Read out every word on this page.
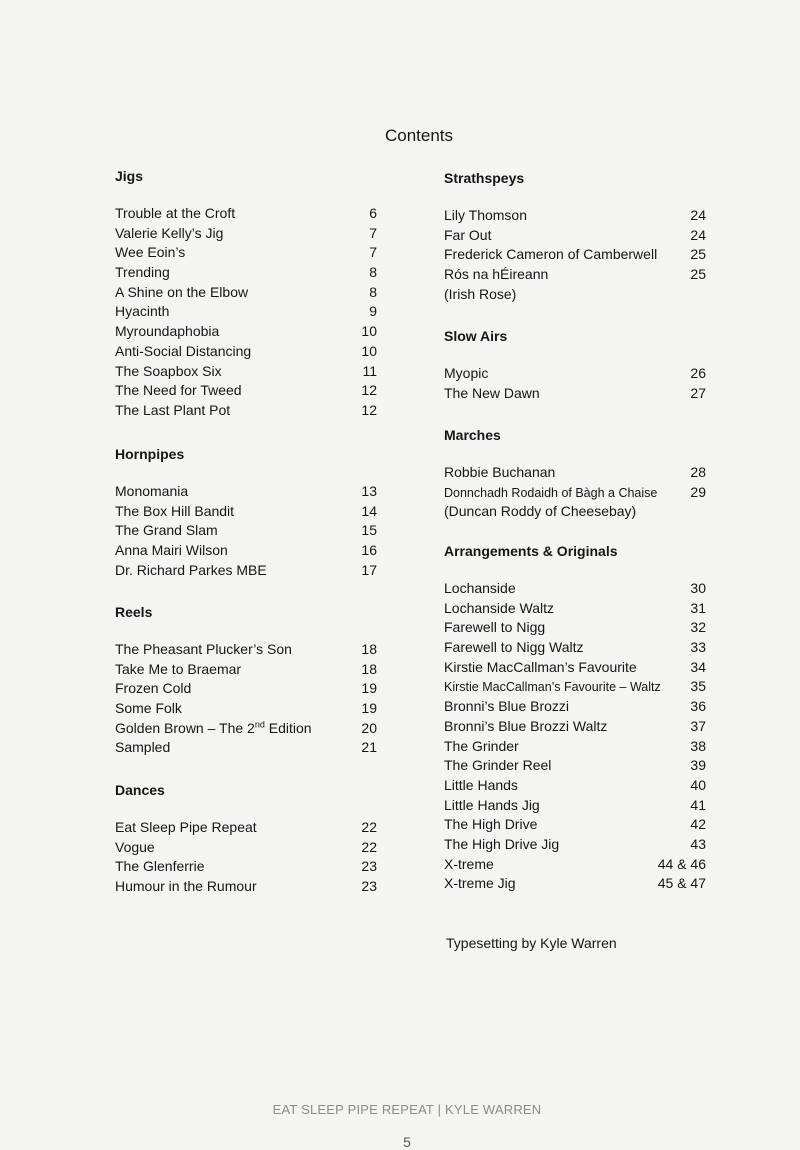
Contents
Jigs
Trouble at the Croft	6
Valerie Kelly’s Jig	7
Wee Eoin’s	7
Trending	8
A Shine on the Elbow	8
Hyacinth	9
Myroundaphobia	10
Anti-Social Distancing	10
The Soapbox Six	11
The Need for Tweed	12
The Last Plant Pot	12
Hornpipes
Monomania	13
The Box Hill Bandit	14
The Grand Slam	15
Anna Mairi Wilson	16
Dr. Richard Parkes MBE	17
Reels
The Pheasant Plucker’s Son	18
Take Me to Braemar	18
Frozen Cold	19
Some Folk	19
Golden Brown – The 2nd Edition	20
Sampled	21
Dances
Eat Sleep Pipe Repeat	22
Vogue	22
The Glenferrie	23
Humour in the Rumour	23
Strathspeys
Lily Thomson	24
Far Out	24
Frederick Cameron of Camberwell 25
Rós na hÉireann	25
(Irish Rose)
Slow Airs
Myopic	26
The New Dawn	27
Marches
Robbie Buchanan	28
Donnchadh Rodaidh of Bàgh a Chaise 29
(Duncan Roddy of Cheesebay)
Arrangements & Originals
Lochanside	30
Lochanside Waltz	31
Farewell to Nigg	32
Farewell to Nigg Waltz	33
Kirstie MacCallman’s Favourite	34
Kirstie MacCallman’s Favourite – Waltz 35
Bronni’s Blue Brozzi	36
Bronni’s Blue Brozzi Waltz	37
The Grinder	38
The Grinder Reel	39
Little Hands	40
Little Hands Jig	41
The High Drive	42
The High Drive Jig	43
X-treme	44 & 46
X-treme Jig	45 & 47
Typesetting by Kyle Warren
EAT SLEEP PIPE REPEAT | KYLE WARREN
5
